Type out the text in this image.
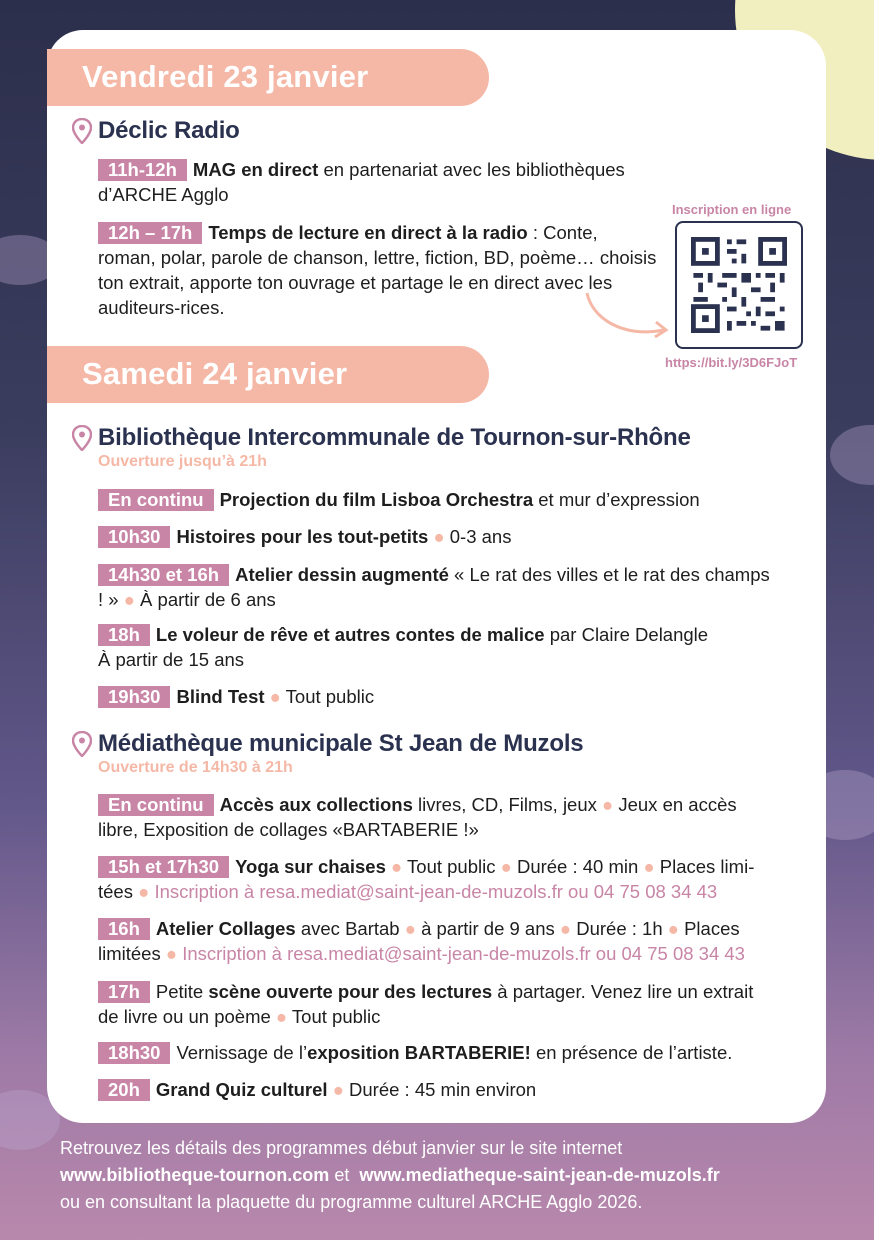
Vendredi 23 janvier
Déclic Radio
11h-12h MAG en direct en partenariat avec les bibliothèques d’ARCHE Agglo
12h – 17h Temps de lecture en direct à la radio : Conte, roman, polar, parole de chanson, lettre, fiction, BD, poème… choisis ton extrait, apporte ton ouvrage et partage le en direct avec les auditeurs-rices.
Inscription en ligne
https://bit.ly/3D6FJoT
Samedi 24 janvier
Bibliothèque Intercommunale de Tournon-sur-Rhône
Ouverture jusqu’à 21h
En continu Projection du film Lisboa Orchestra et mur d’expression
10h30 Histoires pour les tout-petits ● 0-3 ans
14h30 et 16h Atelier dessin augmenté « Le rat des villes et le rat des champs ! » ● À partir de 6 ans
18h Le voleur de rêve et autres contes de malice par Claire Delangle
À partir de 15 ans
19h30 Blind Test ● Tout public
Médiathèque municipale St Jean de Muzols
Ouverture de 14h30 à 21h
En continu Accès aux collections livres, CD, Films, jeux ● Jeux en accès libre, Exposition de collages «BARTABERIE !»
15h et 17h30 Yoga sur chaises ● Tout public ● Durée : 40 min ● Places limitées ● Inscription à resa.mediat@saint-jean-de-muzols.fr ou 04 75 08 34 43
16h Atelier Collages avec Bartab ● à partir de 9 ans ● Durée : 1h ● Places limitées ● Inscription à resa.mediat@saint-jean-de-muzols.fr ou 04 75 08 34 43
17h Petite scène ouverte pour des lectures à partager. Venez lire un extrait de livre ou un poème ● Tout public
18h30 Vernissage de l’exposition BARTABERIE! en présence de l’artiste.
20h Grand Quiz culturel ● Durée : 45 min environ
Retrouvez les détails des programmes début janvier sur le site internet
www.bibliotheque-tournon.com et  www.mediatheque-saint-jean-de-muzols.fr
ou en consultant la plaquette du programme culturel ARCHE Agglo 2026.
